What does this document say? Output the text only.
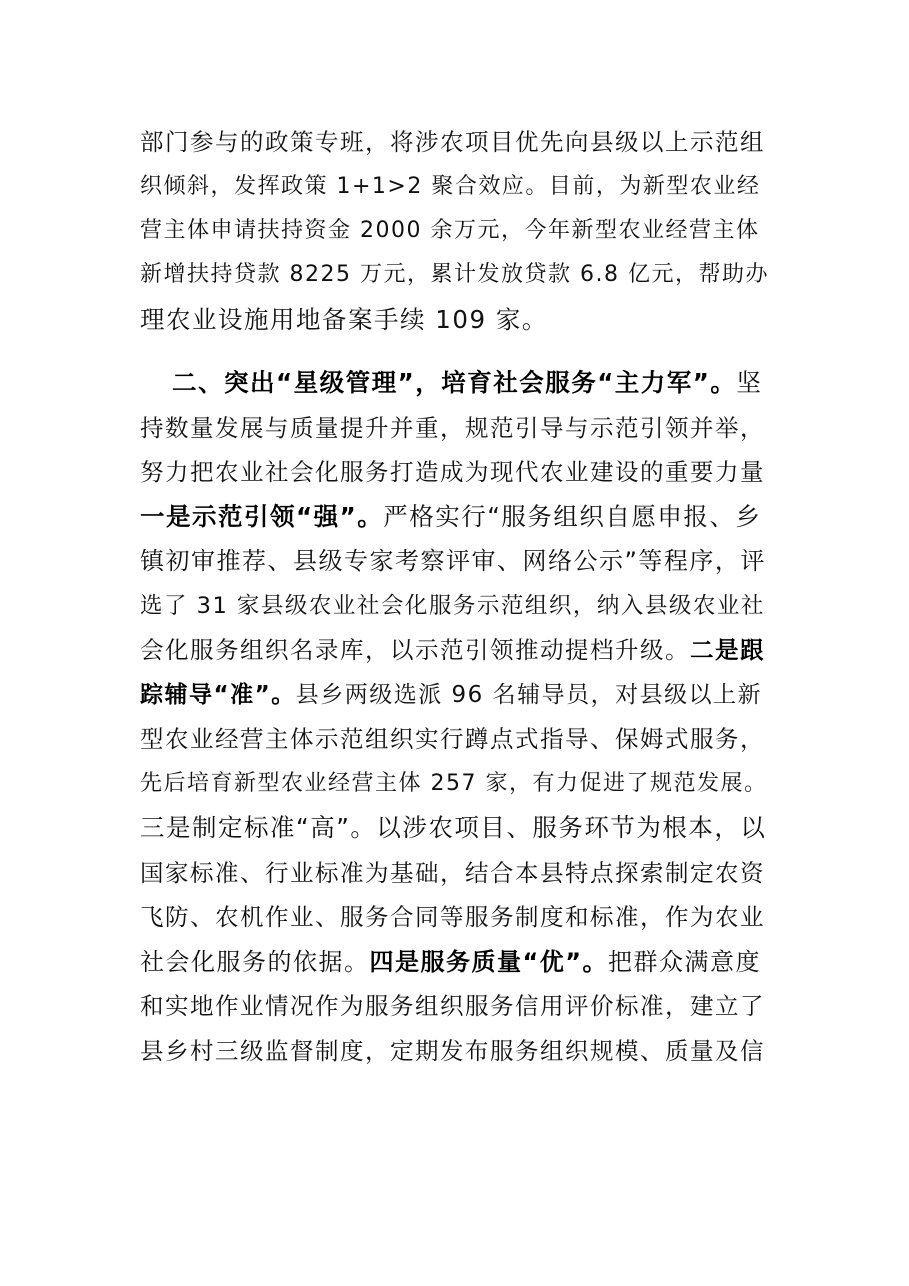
部门参与的政策专班，将涉农项目优先向县级以上示范组
织倾斜，发挥政策 1+1>2 聚合效应。目前，为新型农业经
营主体申请扶持资金 2000 余万元，今年新型农业经营主体
新增扶持贷款 8225 万元，累计发放贷款 6.8 亿元，帮助办
理农业设施用地备案手续 109 家。
二、突出“星级管理”，培育社会服务“主力军”。坚
持数量发展与质量提升并重，规范引导与示范引领并举，
努力把农业社会化服务打造成为现代农业建设的重要力量
一是示范引领“强”。严格实行“服务组织自愿申报、乡
镇初审推荐、县级专家考察评审、网络公示”等程序，评
选了 31 家县级农业社会化服务示范组织，纳入县级农业社
会化服务组织名录库，以示范引领推动提档升级。二是跟
踪辅导“准”。县乡两级选派 96 名辅导员，对县级以上新
型农业经营主体示范组织实行蹲点式指导、保姆式服务，
先后培育新型农业经营主体 257 家，有力促进了规范发展。
三是制定标准“高”。以涉农项目、服务环节为根本，以
国家标准、行业标准为基础，结合本县特点探索制定农资
飞防、农机作业、服务合同等服务制度和标准，作为农业
社会化服务的依据。四是服务质量“优”。把群众满意度
和实地作业情况作为服务组织服务信用评价标准，建立了
县乡村三级监督制度，定期发布服务组织规模、质量及信
